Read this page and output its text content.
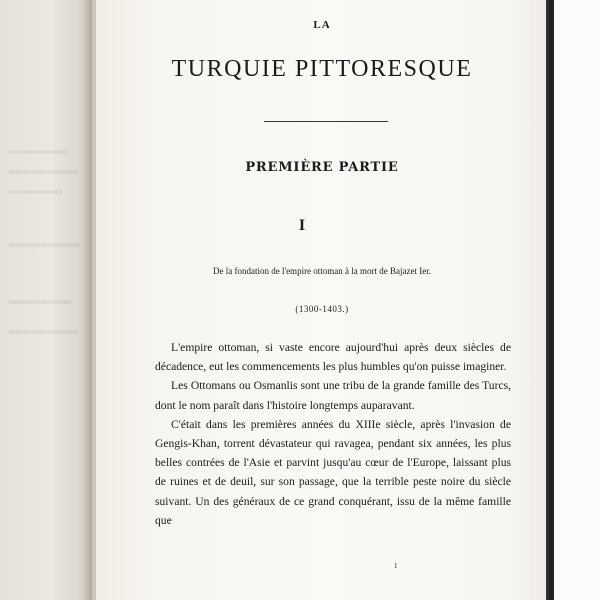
LA
TURQUIE PITTORESQUE
PREMIÈRE PARTIE
I
De la fondation de l'empire ottoman à la mort de Bajazet Ier.
(1300-1403.)

L'empire ottoman, si vaste encore aujourd'hui après deux siècles de décadence, eut les commencements les plus humbles qu'on puisse imaginer.

Les Ottomans ou Osmanlis sont une tribu de la grande famille des Turcs, dont le nom paraît dans l'histoire longtemps auparavant.

C'était dans les premières années du XIIIe siècle, après l'invasion de Gengis-Khan, torrent dévastateur qui ravagea, pendant six années, les plus belles contrées de l'Asie et parvint jusqu'au cœur de l'Europe, laissant plus de ruines et de deuil, sur son passage, que la terrible peste noire du siècle suivant. Un des généraux de ce grand conquérant, issu de la même famille que

1
